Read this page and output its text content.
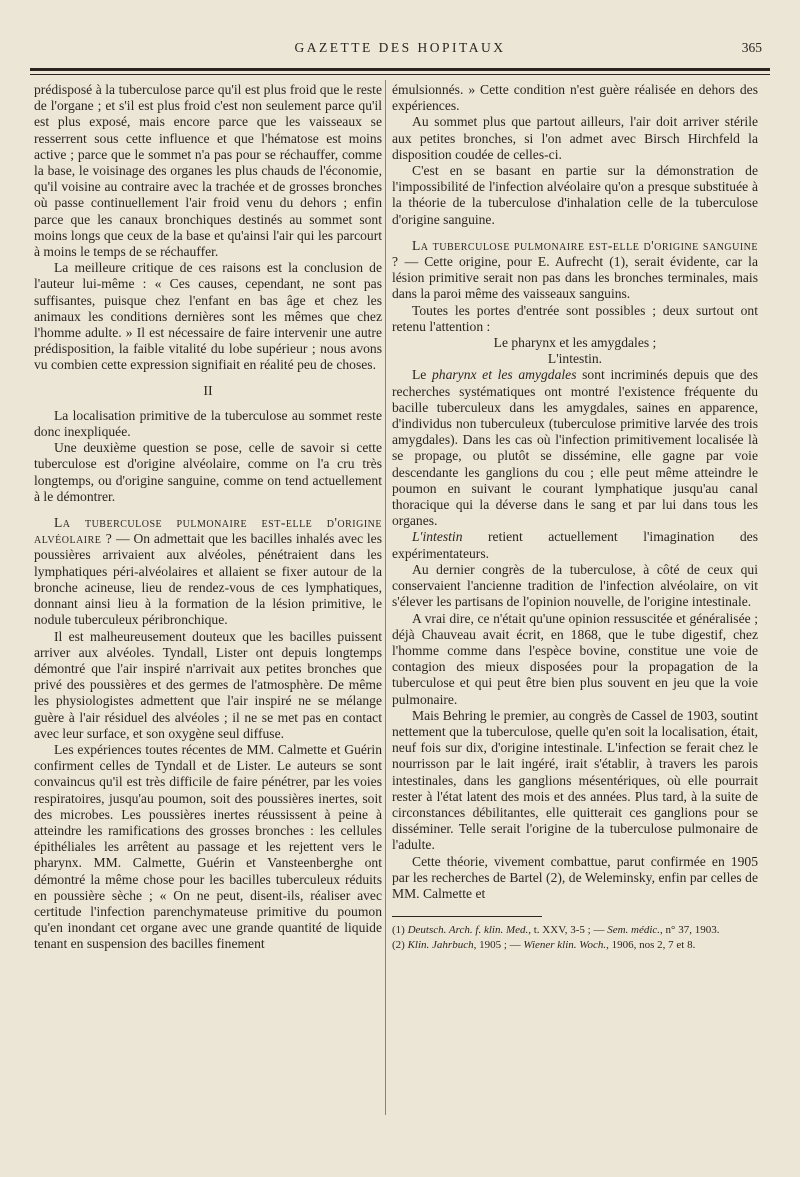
GAZETTE DES HOPITAUX	365

prédisposé à la tuberculose parce qu'il est plus froid que le reste de l'organe ; et s'il est plus froid c'est non seulement parce qu'il est plus exposé, mais encore parce que les vaisseaux se resserrent sous cette influence et que l'hématose est moins active ; parce que le sommet n'a pas pour se réchauffer, comme la base, le voisinage des organes les plus chauds de l'économie, qu'il voisine au contraire avec la trachée et de grosses bronches où passe continuellement l'air froid venu du dehors ; enfin parce que les canaux bronchiques destinés au sommet sont moins longs que ceux de la base et qu'ainsi l'air qui les parcourt à moins le temps de se réchauffer.

La meilleure critique de ces raisons est la conclusion de l'auteur lui-même : « Ces causes, cependant, ne sont pas suffisantes, puisque chez l'enfant en bas âge et chez les animaux les conditions dernières sont les mêmes que chez l'homme adulte. » Il est nécessaire de faire intervenir une autre prédisposition, la faible vitalité du lobe supérieur ; nous avons vu combien cette expression signifiait en réalité peu de choses.

II

La localisation primitive de la tuberculose au sommet reste donc inexpliquée.

Une deuxième question se pose, celle de savoir si cette tuberculose est d'origine alvéolaire, comme on l'a cru très longtemps, ou d'origine sanguine, comme on tend actuellement à le démontrer.

La tuberculose pulmonaire est-elle d'origine alvéolaire ? — On admettait que les bacilles inhalés avec les poussières arrivaient aux alvéoles, pénétraient dans les lymphatiques péri-alvéolaires et allaient se fixer autour de la bronche acineuse, lieu de rendez-vous de ces lymphatiques, donnant ainsi lieu à la formation de la lésion primitive, le nodule tuberculeux péribronchique.

Il est malheureusement douteux que les bacilles puissent arriver aux alvéoles. Tyndall, Lister ont depuis longtemps démontré que l'air inspiré n'arrivait aux petites bronches que privé des poussières et des germes de l'atmosphère. De même les physiologistes admettent que l'air inspiré ne se mélange guère à l'air résiduel des alvéoles ; il ne se met pas en contact avec leur surface, et son oxygène seul diffuse.

Les expériences toutes récentes de MM. Calmette et Guérin confirment celles de Tyndall et de Lister. Le auteurs se sont convaincus qu'il est très difficile de faire pénétrer, par les voies respiratoires, jusqu'au poumon, soit des poussières inertes, soit des microbes. Les poussières inertes réussissent à peine à atteindre les ramifications des grosses bronches : les cellules épithéliales les arrêtent au passage et les rejettent vers le pharynx. MM. Calmette, Guérin et Vansteenberghe ont démontré la même chose pour les bacilles tuberculeux réduits en poussière sèche ; « On ne peut, disent-ils, réaliser avec certitude l'infection parenchymateuse primitive du poumon qu'en inondant cet organe avec une grande quantité de liquide tenant en suspension des bacilles finement

émulsionnés. » Cette condition n'est guère réalisée en dehors des expériences.

Au sommet plus que partout ailleurs, l'air doit arriver stérile aux petites bronches, si l'on admet avec Birsch Hirchfeld la disposition coudée de celles-ci.

C'est en se basant en partie sur la démonstration de l'impossibilité de l'infection alvéolaire qu'on a presque substituée à la théorie de la tuberculose d'inhalation celle de la tuberculose d'origine sanguine.

La tuberculose pulmonaire est-elle d'origine sanguine ? — Cette origine, pour E. Aufrecht (1), serait évidente, car la lésion primitive serait non pas dans les bronches terminales, mais dans la paroi même des vaisseaux sanguins.

Toutes les portes d'entrée sont possibles ; deux surtout ont retenu l'attention :

Le pharynx et les amygdales ;

L'intestin.

Le pharynx et les amygdales sont incriminés depuis que des recherches systématiques ont montré l'existence fréquente du bacille tuberculeux dans les amygdales, saines en apparence, d'individus non tuberculeux (tuberculose primitive larvée des trois amygdales). Dans les cas où l'infection primitivement localisée là se propage, ou plutôt se dissémine, elle gagne par voie descendante les ganglions du cou ; elle peut même atteindre le poumon en suivant le courant lymphatique jusqu'au canal thoracique qui la déverse dans le sang et par lui dans tous les organes.

L'intestin retient actuellement l'imagination des expérimentateurs.

Au dernier congrès de la tuberculose, à côté de ceux qui conservaient l'ancienne tradition de l'infection alvéolaire, on vit s'élever les partisans de l'opinion nouvelle, de l'origine intestinale.

A vrai dire, ce n'était qu'une opinion ressuscitée et généralisée ; déjà Chauveau avait écrit, en 1868, que le tube digestif, chez l'homme comme dans l'espèce bovine, constitue une voie de contagion des mieux disposées pour la propagation de la tuberculose et qui peut être bien plus souvent en jeu que la voie pulmonaire.

Mais Behring le premier, au congrès de Cassel de 1903, soutint nettement que la tuberculose, quelle qu'en soit la localisation, était, neuf fois sur dix, d'origine intestinale. L'infection se ferait chez le nourrisson par le lait ingéré, irait s'établir, à travers les parois intestinales, dans les ganglions mésentériques, où elle pourrait rester à l'état latent des mois et des années. Plus tard, à la suite de circonstances débilitantes, elle quitterait ces ganglions pour se disséminer. Telle serait l'origine de la tuberculose pulmonaire de l'adulte.

Cette théorie, vivement combattue, parut confirmée en 1905 par les recherches de Bartel (2), de Weleminsky, enfin par celles de MM. Calmette et

(1) Deutsch. Arch. f. klin. Med., t. XXV, 3-5 ; — Sem. médic., n° 37, 1903.
(2) Klin. Jahrbuch, 1905 ; — Wiener klin. Woch., 1906, nos 2, 7 et 8.
